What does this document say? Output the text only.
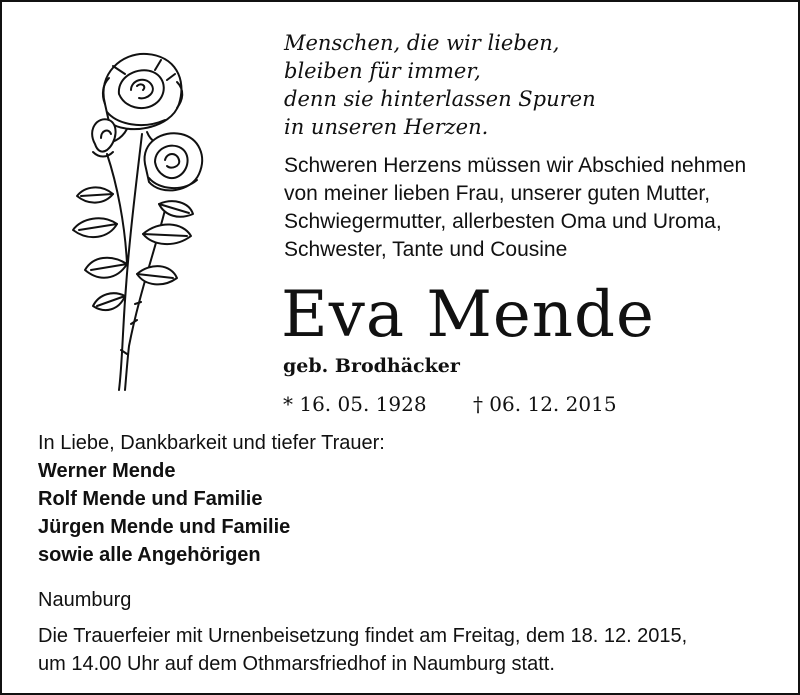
Menschen, die wir lieben,
bleiben für immer,
denn sie hinterlassen Spuren
in unseren Herzen.
Schweren Herzens müssen wir Abschied nehmen
von meiner lieben Frau, unserer guten Mutter,
Schwiegermutter, allerbesten Oma und Uroma,
Schwester, Tante und Cousine
Eva Mende
geb. Brodhäcker
* 16. 05. 1928 † 06. 12. 2015
In Liebe, Dankbarkeit und tiefer Trauer:
Werner Mende
Rolf Mende und Familie
Jürgen Mende und Familie
sowie alle Angehörigen
Naumburg
Die Trauerfeier mit Urnenbeisetzung findet am Freitag, dem 18. 12. 2015,
um 14.00 Uhr auf dem Othmarsfriedhof in Naumburg statt.
